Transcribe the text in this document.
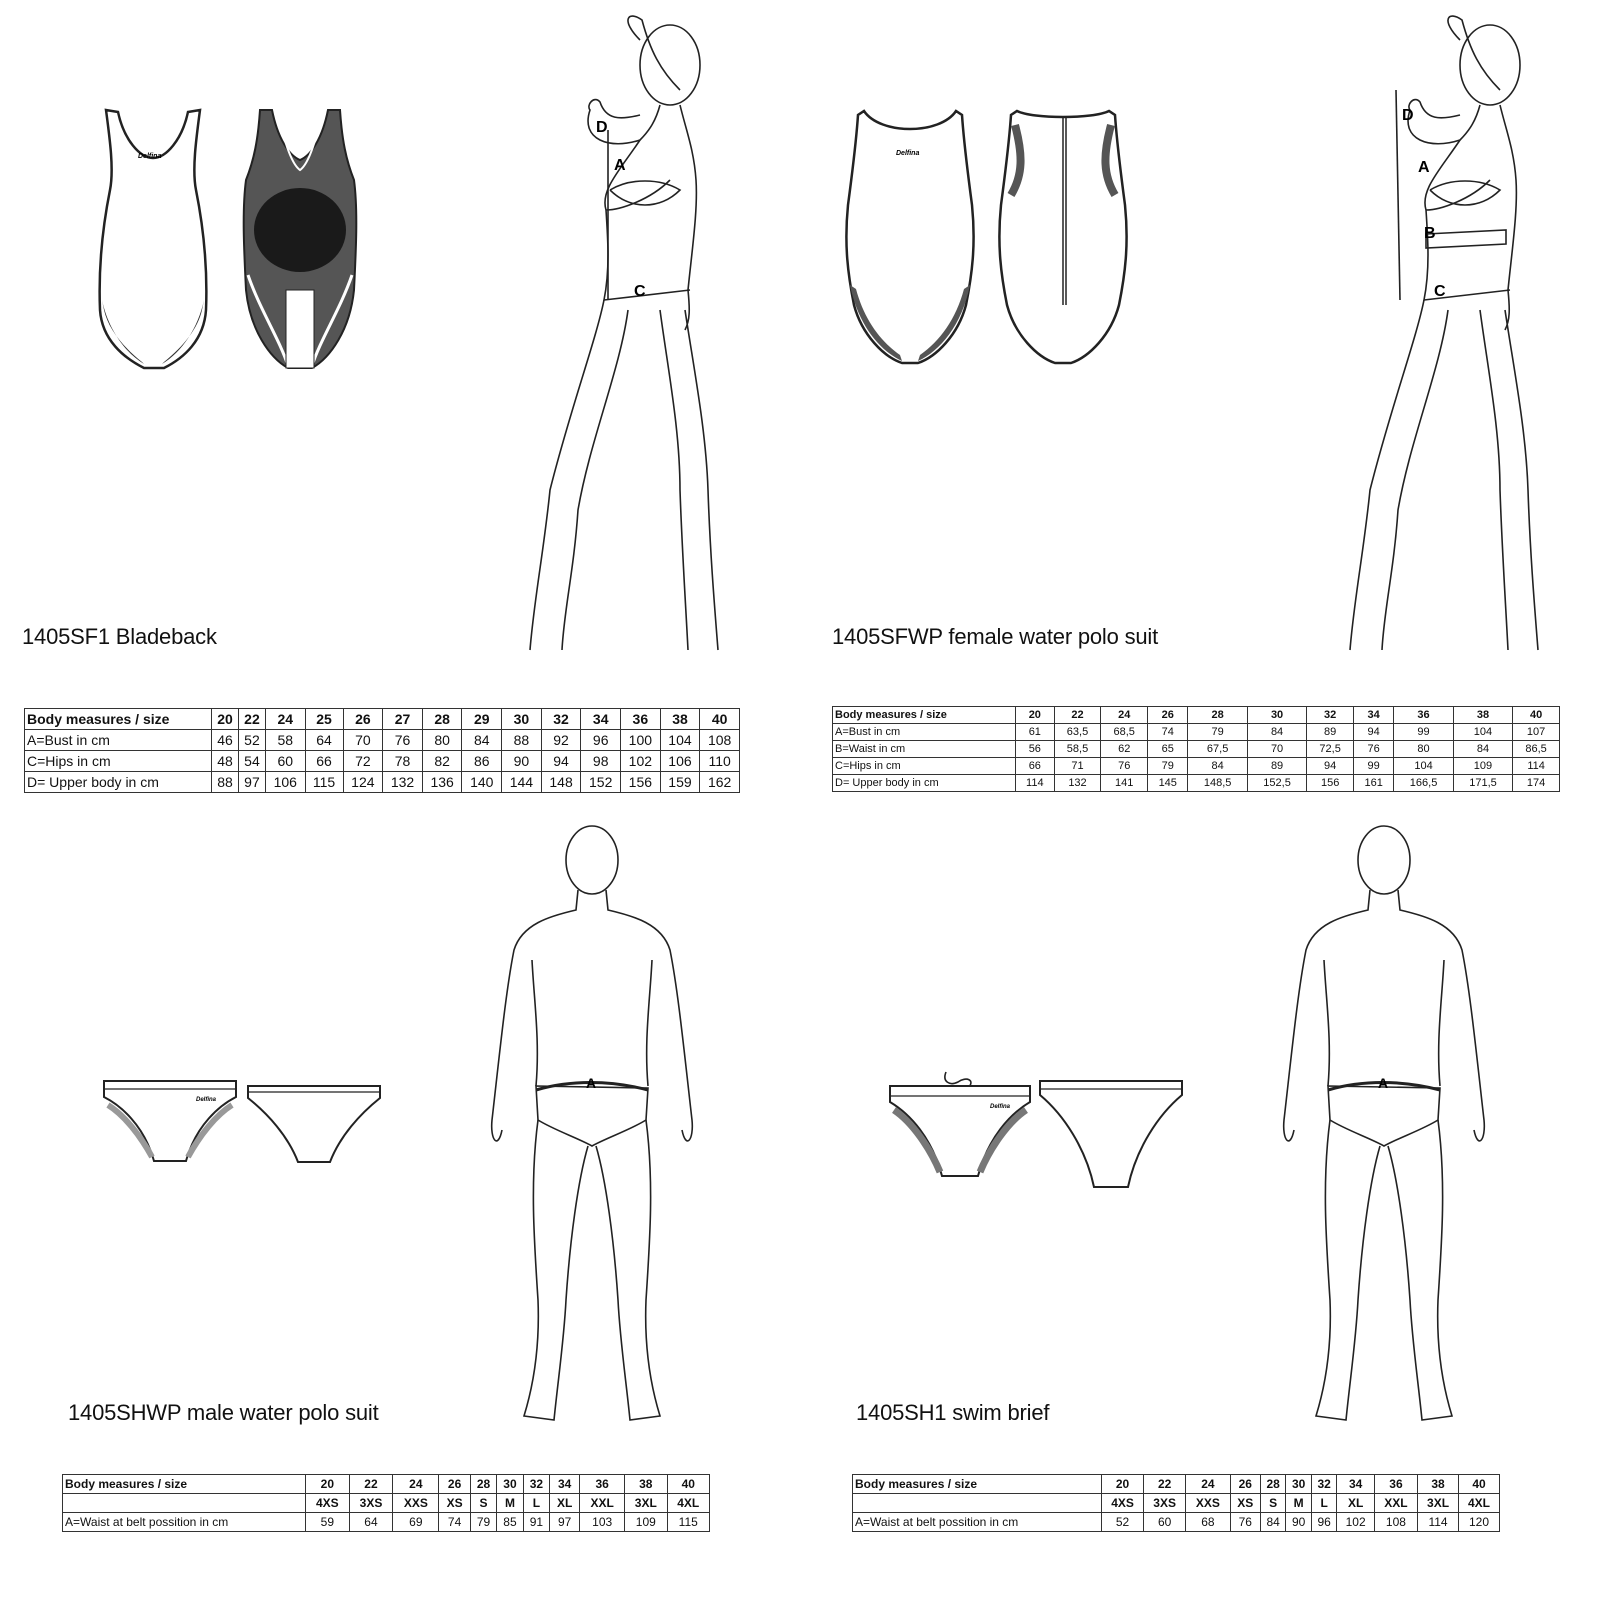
Delfina
D
A
C
1405SF1 Bladeback
Body measures / size	20	22	24	25	26	27	28	29	30	32	34	36	38	40
A=Bust in cm	46	52	58	64	70	76	80	84	88	92	96	100	104	108
C=Hips in cm	48	54	60	66	72	78	82	86	90	94	98	102	106	110
D= Upper body in cm	88	97	106	115	124	132	136	140	144	148	152	156	159	162
Delfina
D
A
B
C
1405SFWP female water polo suit
Body measures / size	20	22	24	26	28	30	32	34	36	38	40
A=Bust in cm	61	63,5	68,5	74	79	84	89	94	99	104	107
B=Waist in cm	56	58,5	62	65	67,5	70	72,5	76	80	84	86,5
C=Hips in cm	66	71	76	79	84	89	94	99	104	109	114
D= Upper body in cm	114	132	141	145	148,5	152,5	156	161	166,5	171,5	174
Delfina
A
1405SHWP male water polo suit
Body measures / size	20	22	24	26	28	30	32	34	36	38	40
	4XS	3XS	XXS	XS	S	M	L	XL	XXL	3XL	4XL
A=Waist at belt possition in cm	59	64	69	74	79	85	91	97	103	109	115
Delfina
A
1405SH1 swim brief
Body measures / size	20	22	24	26	28	30	32	34	36	38	40
	4XS	3XS	XXS	XS	S	M	L	XL	XXL	3XL	4XL
A=Waist at belt possition in cm	52	60	68	76	84	90	96	102	108	114	120
